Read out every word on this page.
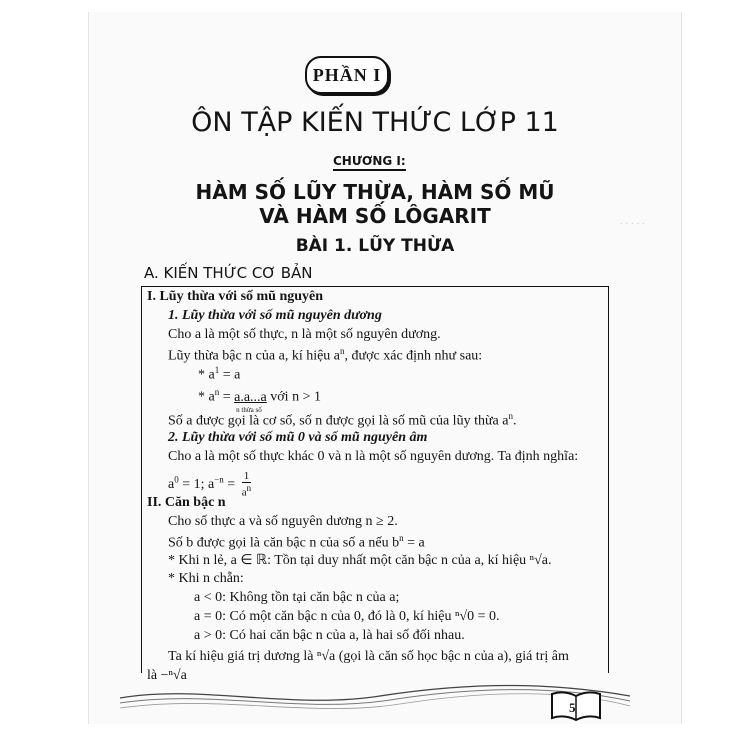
. . . . .
PHẦN I
ÔN TẬP KIẾN THỨC LỚP 11
CHƯƠNG I:
HÀM SỐ LŨY THỪA, HÀM SỐ MŨ
VÀ HÀM SỐ LÔGARIT
BÀI 1. LŨY THỪA
A. KIẾN THỨC CƠ BẢN
I. Lũy thừa với số mũ nguyên
1. Lũy thừa với số mũ nguyên dương
Cho a là một số thực, n là một số nguyên dương.
Lũy thừa bậc n của a, kí hiệu $a^n$, được xác định như sau:
* $a^1 = a$
* $a^n = a.a...a$
n thừa số
với n > 1
Số a được gọi là cơ số, số n được gọi là số mũ của lũy thừa $a^n$.
2. Lũy thừa với số mũ 0 và số mũ nguyên âm
Cho a là một số thực khác 0 và n là một số nguyên dương. Ta định nghĩa:
$a^0 = 1$; $a^{-n} = \frac{1}{a^n}$
II. Căn bậc n
Cho số thực a và số nguyên dương n ≥ 2.
Số b được gọi là căn bậc n của số a nếu $b^n = a$
* Khi n lẻ, a ∈ ℝ: Tồn tại duy nhất một căn bậc n của a, kí hiệu ⁿ√a.
* Khi n chẵn:
a < 0: Không tồn tại căn bậc n của a;
a = 0: Có một căn bậc n của 0, đó là 0, kí hiệu ⁿ√0 = 0.
a > 0: Có hai căn bậc n của a, là hai số đối nhau.
Ta kí hiệu giá trị dương là ⁿ√a (gọi là căn số học bậc n của a), giá trị âm
là −ⁿ√a
5
